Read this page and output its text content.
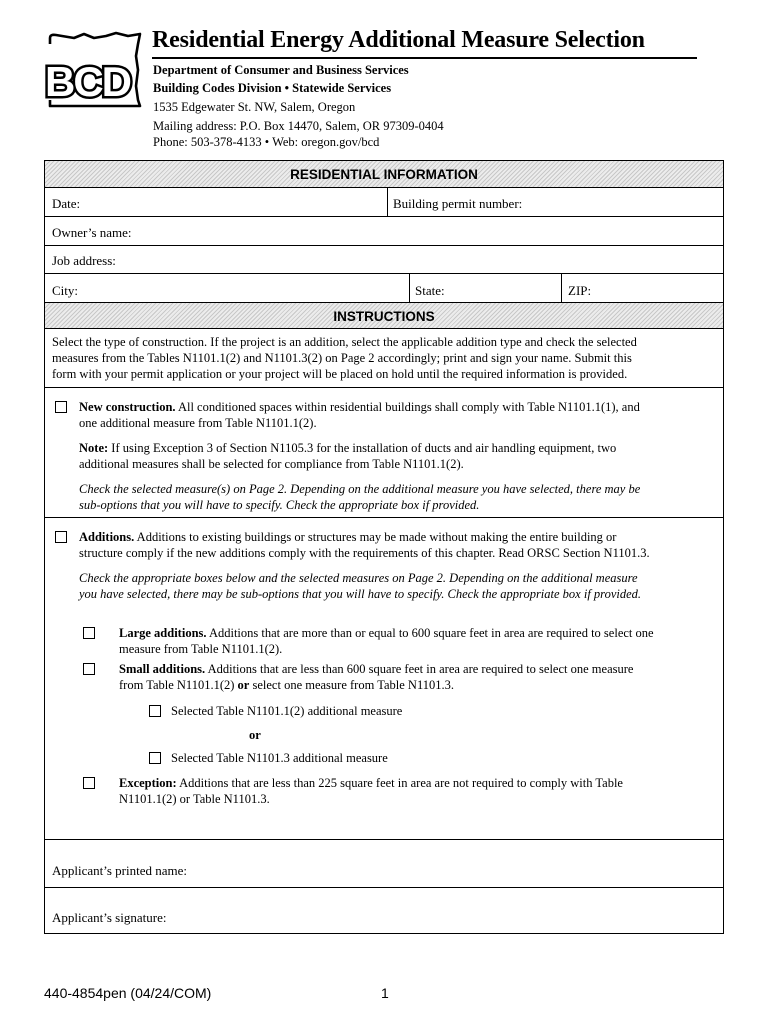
BCD
Residential Energy Additional Measure Selection
Department of Consumer and Business Services
Building Codes Division • Statewide Services
1535 Edgewater St. NW, Salem, Oregon
Mailing address: P.O. Box 14470, Salem, OR 97309-0404
Phone: 503-378-4133 • Web: oregon.gov/bcd
RESIDENTIAL INFORMATION
Date:	Building permit number:
Owner’s name:
Job address:
City:	State:	ZIP:
INSTRUCTIONS
Select the type of construction. If the project is an addition, select the applicable addition type and check the selected
measures from the Tables N1101.1(2) and N1101.3(2) on Page 2 accordingly; print and sign your name. Submit this
form with your permit application or your project will be placed on hold until the required information is provided.
New construction. All conditioned spaces within residential buildings shall comply with Table N1101.1(1), and
one additional measure from Table N1101.1(2).
Note: If using Exception 3 of Section N1105.3 for the installation of ducts and air handling equipment, two
additional measures shall be selected for compliance from Table N1101.1(2).
Check the selected measure(s) on Page 2. Depending on the additional measure you have selected, there may be
sub-options that you will have to specify. Check the appropriate box if provided.
Additions. Additions to existing buildings or structures may be made without making the entire building or
structure comply if the new additions comply with the requirements of this chapter. Read ORSC Section N1101.3.
Check the appropriate boxes below and the selected measures on Page 2. Depending on the additional measure
you have selected, there may be sub-options that you will have to specify. Check the appropriate box if provided.
Large additions. Additions that are more than or equal to 600 square feet in area are required to select one
measure from Table N1101.1(2).
Small additions. Additions that are less than 600 square feet in area are required to select one measure
from Table N1101.1(2) or select one measure from Table N1101.3.
Selected Table N1101.1(2) additional measure
or
Selected Table N1101.3 additional measure
Exception: Additions that are less than 225 square feet in area are not required to comply with Table
N1101.1(2) or Table N1101.3.
Applicant’s printed name:
Applicant’s signature:
440-4854pen (04/24/COM)	1
